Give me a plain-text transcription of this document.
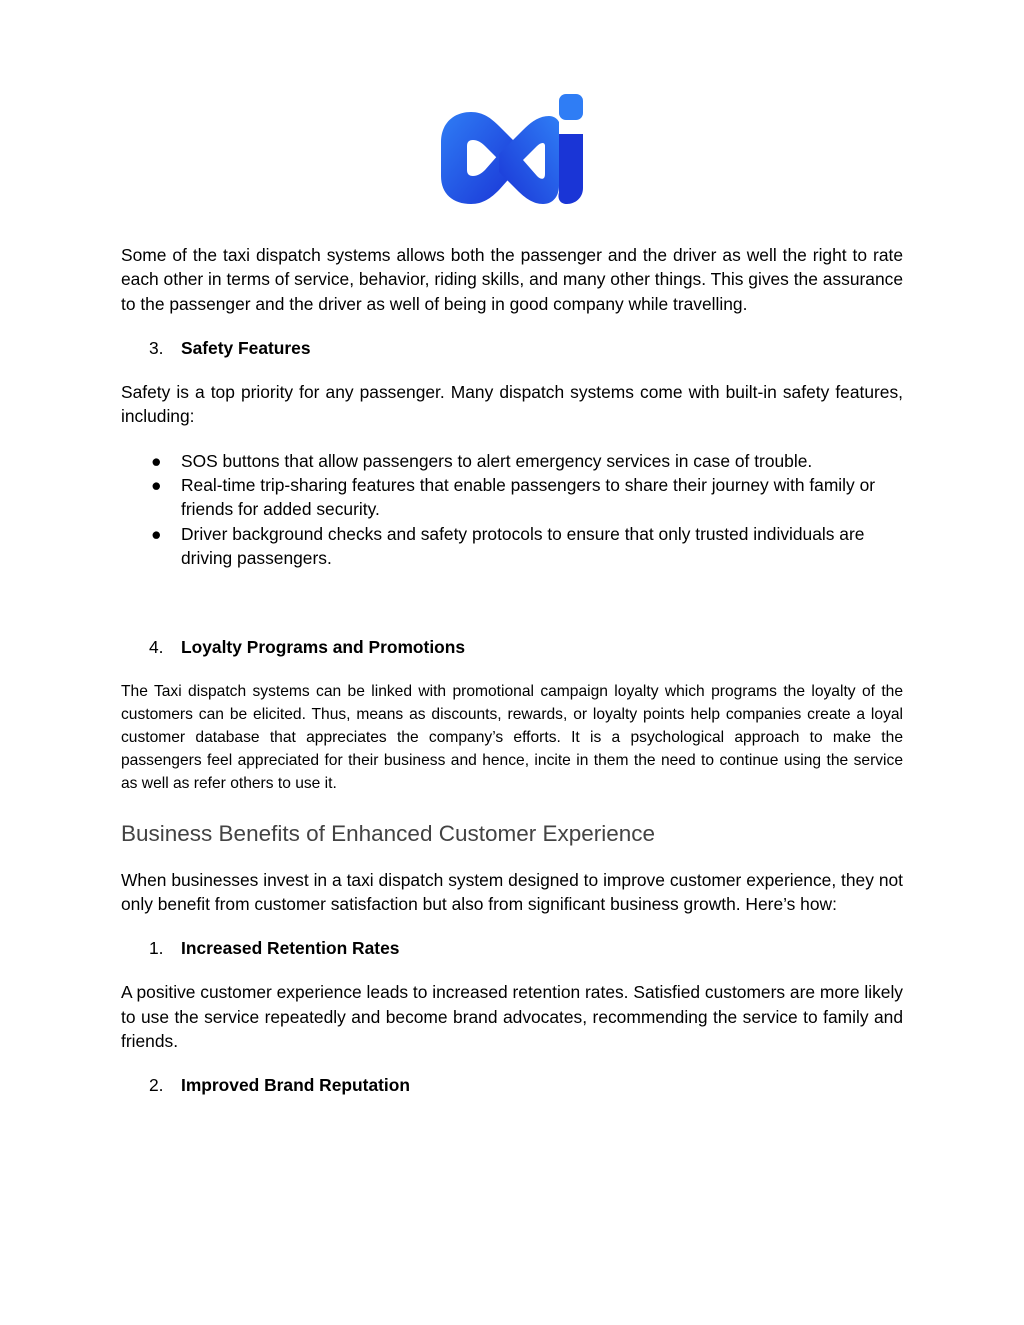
Some of the taxi dispatch systems allows both the passenger and the driver as well the right to rate each other in terms of service, behavior, riding skills, and many other things. This gives the assurance to the passenger and the driver as well of being in good company while travelling.

3.	Safety Features

Safety is a top priority for any passenger. Many dispatch systems come with built-in safety features, including:

●	SOS buttons that allow passengers to alert emergency services in case of trouble.
●	Real-time trip-sharing features that enable passengers to share their journey with family or friends for added security.
●	Driver background checks and safety protocols to ensure that only trusted individuals are driving passengers.
4.	Loyalty Programs and Promotions

The Taxi dispatch systems can be linked with promotional campaign loyalty which programs the loyalty of the customers can be elicited. Thus, means as discounts, rewards, or loyalty points help companies create a loyal customer database that appreciates the company’s efforts. It is a psychological approach to make the passengers feel appreciated for their business and hence, incite in them the need to continue using the service as well as refer others to use it.

Business Benefits of Enhanced Customer Experience

When businesses invest in a taxi dispatch system designed to improve customer experience, they not only benefit from customer satisfaction but also from significant business growth. Here’s how:

1.	Increased Retention Rates

A positive customer experience leads to increased retention rates. Satisfied customers are more likely to use the service repeatedly and become brand advocates, recommending the service to family and friends.

2.	Improved Brand Reputation
